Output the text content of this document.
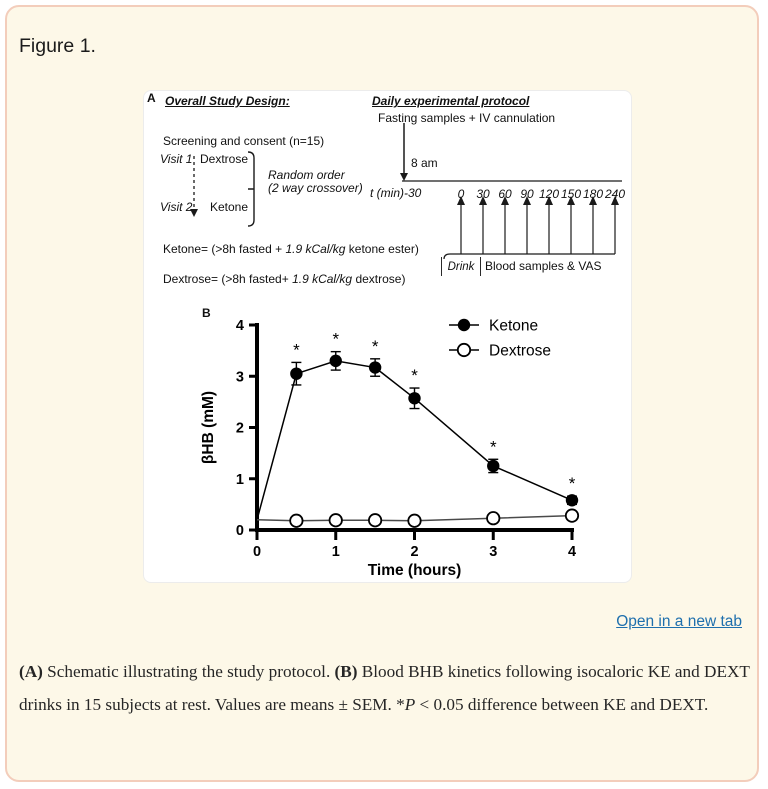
Figure 1.
A Overall Study Design:	Daily experimental protocol
Fasting samples + IV cannulation
Screening and consent (n=15)
Visit 1 Dextrose
Random order
(2 way crossover)
Visit 2 Ketone
8 am
t (min)-30	0 30 60 90 120 150 180 240
Ketone= (>8h fasted + 1.9 kCal/kg ketone ester)
Dextrose= (>8h fasted+ 1.9 kCal/kg dextrose)
Drink Blood samples & VAS
B
0
1
2
3
4
0	1	2	3	4
Time (hours)
βHB (mM)
*
* *
*
*
*
Ketone
Dextrose
Open in a new tab

(A) Schematic illustrating the study protocol. (B) Blood BHB kinetics following isocaloric KE and DEXT drinks in 15 subjects at rest. Values are means ± SEM. *P < 0.05 difference between KE and DEXT.
